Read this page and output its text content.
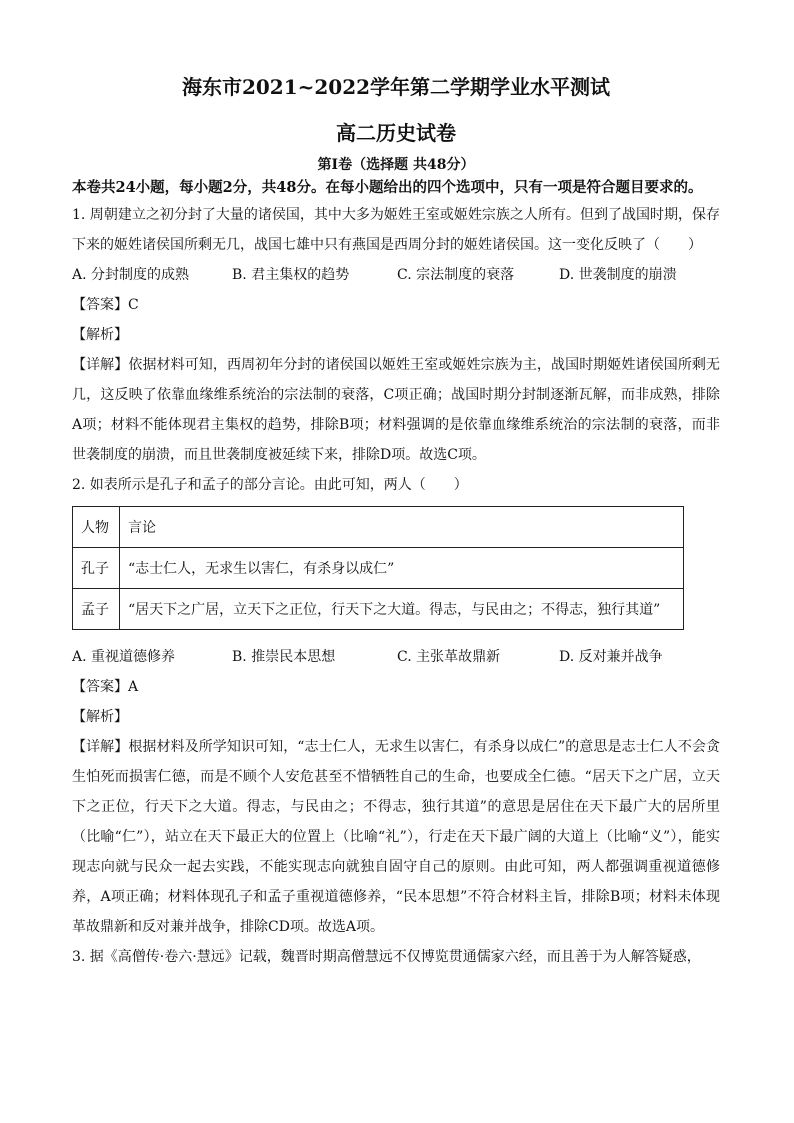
海东市2021~2022学年第二学期学业水平测试
高二历史试卷
第Ⅰ卷（选择题 共48分）
本卷共24小题，每小题2分，共48分。在每小题给出的四个选项中，只有一项是符合题目要求的。

1. 周朝建立之初分封了大量的诸侯国，其中大多为姬姓王室或姬姓宗族之人所有。但到了战国时期，保存下来的姬姓诸侯国所剩无几，战国七雄中只有燕国是西周分封的姬姓诸侯国。这一变化反映了（　　）

A. 分封制度的成熟	B. 君主集权的趋势	C. 宗法制度的衰落	D. 世袭制度的崩溃
【答案】C
【解析】

【详解】依据材料可知，西周初年分封的诸侯国以姬姓王室或姬姓宗族为主，战国时期姬姓诸侯国所剩无几，这反映了依靠血缘维系统治的宗法制的衰落，C项正确；战国时期分封制逐渐瓦解，而非成熟，排除A项；材料不能体现君主集权的趋势，排除B项；材料强调的是依靠血缘维系统治的宗法制的衰落，而非世袭制度的崩溃，而且世袭制度被延续下来，排除D项。故选C项。

2. 如表所示是孔子和孟子的部分言论。由此可知，两人（　　）

人物	言论
孔子	“志士仁人，无求生以害仁，有杀身以成仁”
孟子	“居天下之广居，立天下之正位，行天下之大道。得志，与民由之；不得志，独行其道”
A. 重视道德修养	B. 推崇民本思想	C. 主张革故鼎新	D. 反对兼并战争
【答案】A
【解析】

【详解】根据材料及所学知识可知，“志士仁人，无求生以害仁，有杀身以成仁”的意思是志士仁人不会贪生怕死而损害仁德，而是不顾个人安危甚至不惜牺牲自己的生命，也要成全仁德。“居天下之广居，立天下之正位，行天下之大道。得志，与民由之；不得志，独行其道”的意思是居住在天下最广大的居所里（比喻“仁”），站立在天下最正大的位置上（比喻“礼”），行走在天下最广阔的大道上（比喻“义”），能实现志向就与民众一起去实践，不能实现志向就独自固守自己的原则。由此可知，两人都强调重视道德修养，A项正确；材料体现孔子和孟子重视道德修养，“民本思想”不符合材料主旨，排除B项；材料未体现革故鼎新和反对兼并战争，排除CD项。故选A项。

3. 据《高僧传·卷六·慧远》记载，魏晋时期高僧慧远不仅博览贯通儒家六经，而且善于为人解答疑惑，
